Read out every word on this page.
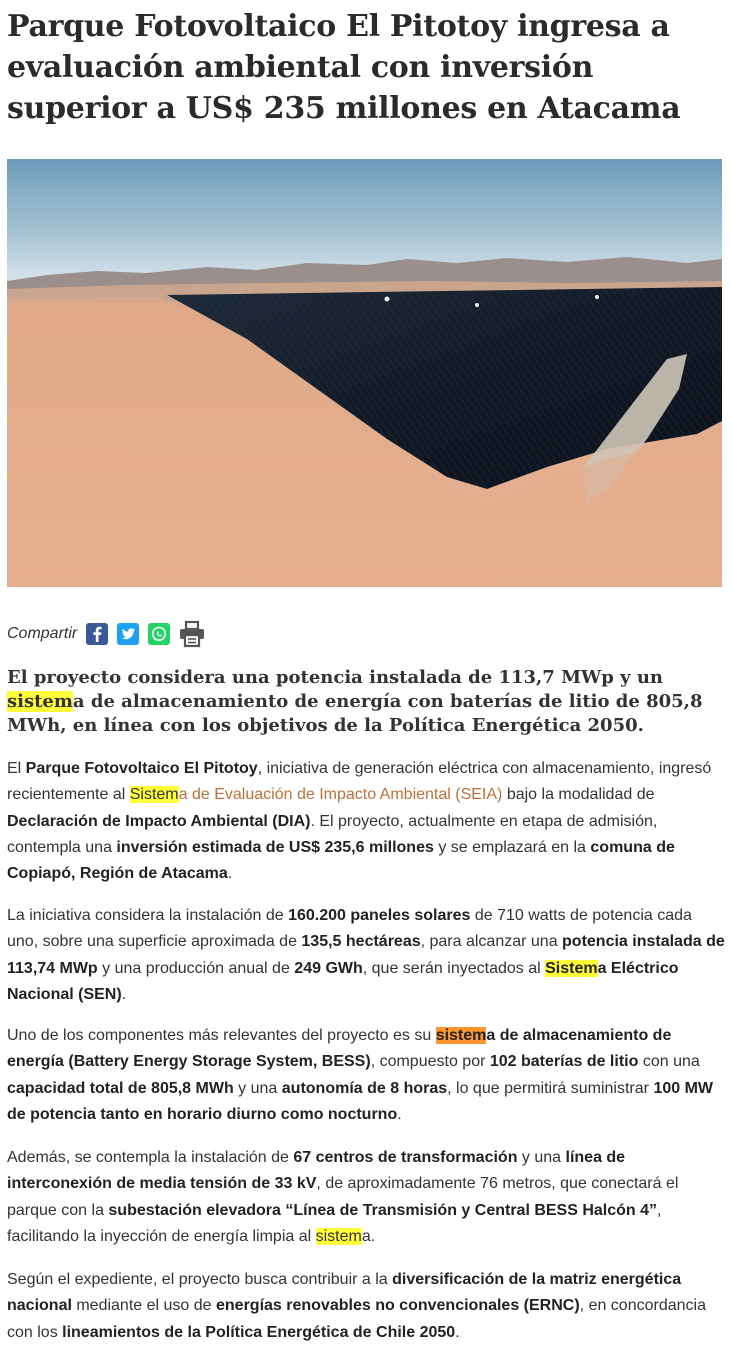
Parque Fotovoltaico El Pitotoy ingresa a evaluación ambiental con inversión superior a US$ 235 millones en Atacama
Compartir

El proyecto considera una potencia instalada de 113,7 MWp y un sistema de almacenamiento de energía con baterías de litio de 805,8 MWh, en línea con los objetivos de la Política Energética 2050.

El Parque Fotovoltaico El Pitotoy, iniciativa de generación eléctrica con almacenamiento, ingresó recientemente al Sistema de Evaluación de Impacto Ambiental (SEIA) bajo la modalidad de Declaración de Impacto Ambiental (DIA). El proyecto, actualmente en etapa de admisión, contempla una inversión estimada de US$ 235,6 millones y se emplazará en la comuna de Copiapó, Región de Atacama.

La iniciativa considera la instalación de 160.200 paneles solares de 710 watts de potencia cada uno, sobre una superficie aproximada de 135,5 hectáreas, para alcanzar una potencia instalada de 113,74 MWp y una producción anual de 249 GWh, que serán inyectados al Sistema Eléctrico Nacional (SEN).

Uno de los componentes más relevantes del proyecto es su sistema de almacenamiento de energía (Battery Energy Storage System, BESS), compuesto por 102 baterías de litio con una capacidad total de 805,8 MWh y una autonomía de 8 horas, lo que permitirá suministrar 100 MW de potencia tanto en horario diurno como nocturno.

Además, se contempla la instalación de 67 centros de transformación y una línea de interconexión de media tensión de 33 kV, de aproximadamente 76 metros, que conectará el parque con la subestación elevadora “Línea de Transmisión y Central BESS Halcón 4”, facilitando la inyección de energía limpia al sistema.

Según el expediente, el proyecto busca contribuir a la diversificación de la matriz energética nacional mediante el uso de energías renovables no convencionales (ERNC), en concordancia con los lineamientos de la Política Energética de Chile 2050.
